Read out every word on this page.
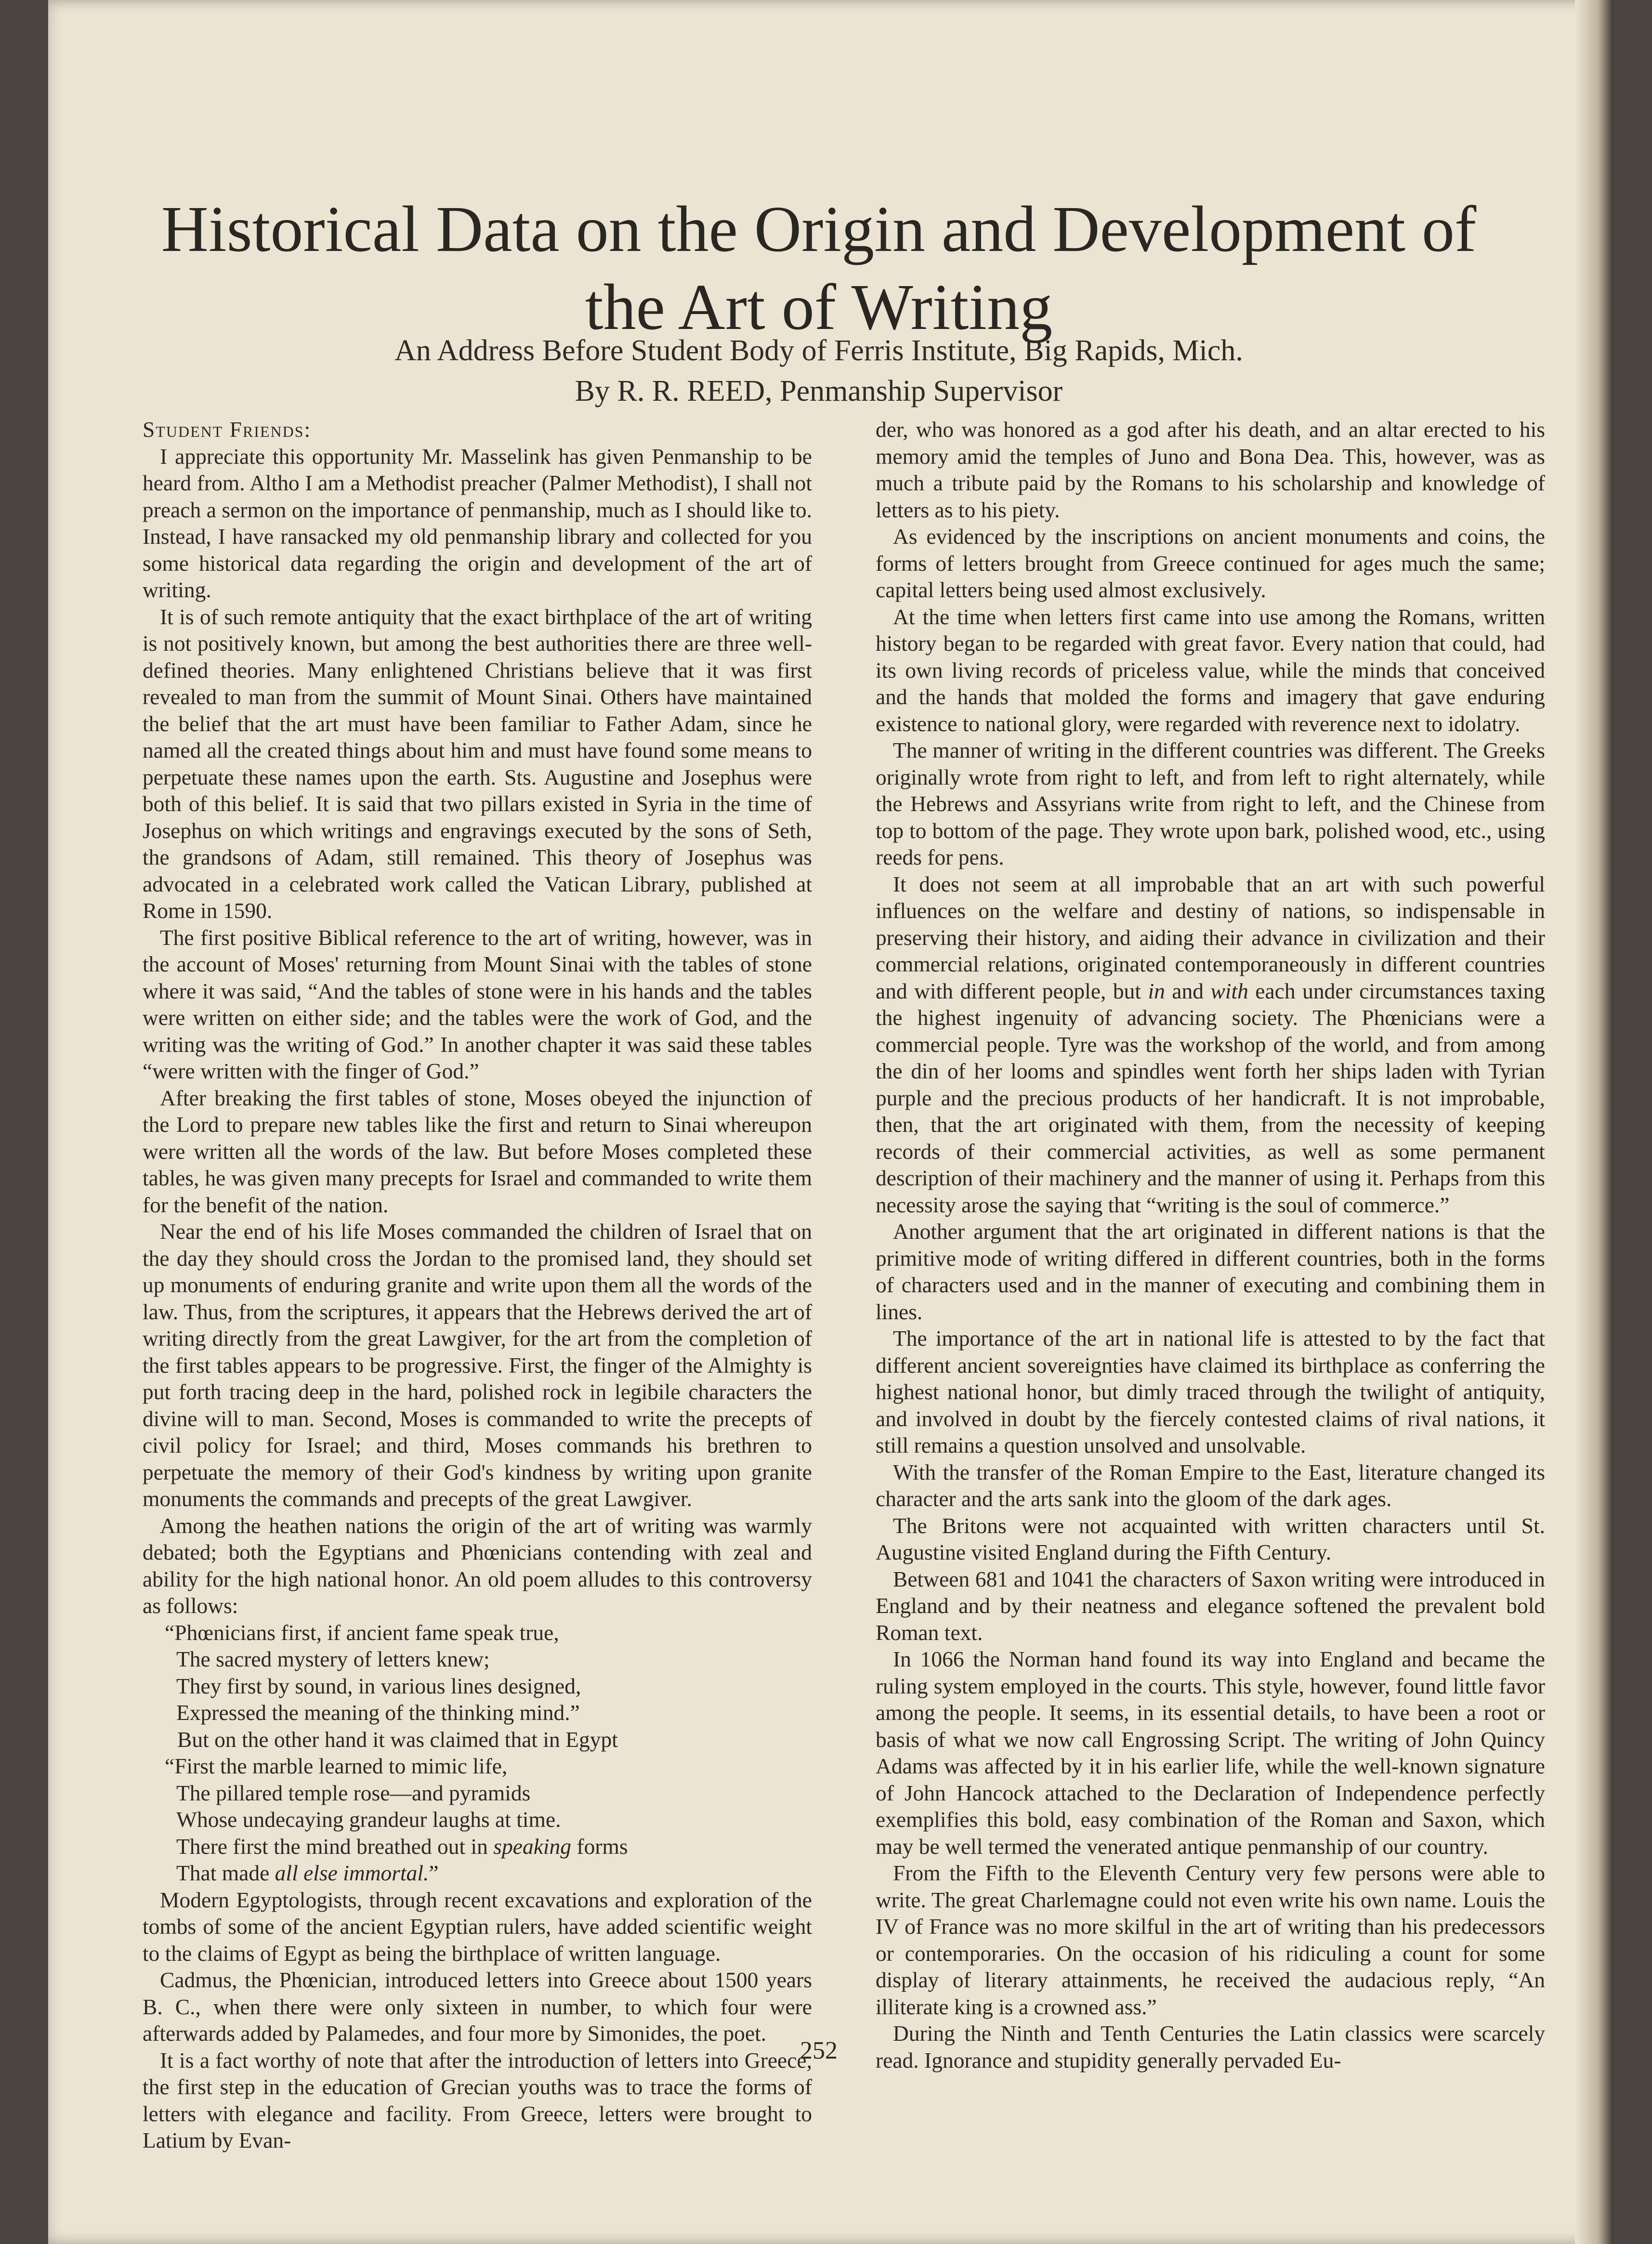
Historical Data on the Origin and Development of
the Art of Writing

An Address Before Student Body of Ferris Institute, Big Rapids, Mich.

By R. R. REED, Penmanship Supervisor

Student Friends:

I appreciate this opportunity Mr. Masselink has given Penmanship to be heard from. Altho I am a Methodist preacher (Palmer Methodist), I shall not preach a sermon on the importance of penmanship, much as I should like to. Instead, I have ransacked my old penmanship library and collected for you some historical data regarding the origin and development of the art of writing.

It is of such remote antiquity that the exact birthplace of the art of writing is not positively known, but among the best authorities there are three well-defined theories. Many enlightened Christians believe that it was first revealed to man from the summit of Mount Sinai. Others have maintained the belief that the art must have been familiar to Father Adam, since he named all the created things about him and must have found some means to perpetuate these names upon the earth. Sts. Augustine and Josephus were both of this belief. It is said that two pillars existed in Syria in the time of Josephus on which writings and engravings executed by the sons of Seth, the grandsons of Adam, still remained. This theory of Josephus was advocated in a celebrated work called the Vatican Library, published at Rome in 1590.

The first positive Biblical reference to the art of writing, however, was in the account of Moses' returning from Mount Sinai with the tables of stone where it was said, “And the tables of stone were in his hands and the tables were written on either side; and the tables were the work of God, and the writing was the writing of God.” In another chapter it was said these tables “were written with the finger of God.”

After breaking the first tables of stone, Moses obeyed the injunction of the Lord to prepare new tables like the first and return to Sinai whereupon were written all the words of the law. But before Moses completed these tables, he was given many precepts for Israel and commanded to write them for the benefit of the nation.

Near the end of his life Moses commanded the children of Israel that on the day they should cross the Jordan to the promised land, they should set up monuments of enduring granite and write upon them all the words of the law. Thus, from the scriptures, it appears that the Hebrews derived the art of writing directly from the great Lawgiver, for the art from the completion of the first tables appears to be progressive. First, the finger of the Almighty is put forth tracing deep in the hard, polished rock in legibile characters the divine will to man. Second, Moses is commanded to write the precepts of civil policy for Israel; and third, Moses commands his brethren to perpetuate the memory of their God's kindness by writing upon granite monuments the commands and precepts of the great Lawgiver.

Among the heathen nations the origin of the art of writing was warmly debated; both the Egyptians and Phœnicians contending with zeal and ability for the high national honor. An old poem alludes to this controversy as follows:

“Phœnicians first, if ancient fame speak true,
The sacred mystery of letters knew;
They first by sound, in various lines designed,
Expressed the meaning of the thinking mind.”

But on the other hand it was claimed that in Egypt

“First the marble learned to mimic life,
The pillared temple rose—and pyramids
Whose undecaying grandeur laughs at time.
There first the mind breathed out in speaking forms
That made all else immortal.”

Modern Egyptologists, through recent excavations and exploration of the tombs of some of the ancient Egyptian rulers, have added scientific weight to the claims of Egypt as being the birthplace of written language.

Cadmus, the Phœnician, introduced letters into Greece about 1500 years B. C., when there were only sixteen in number, to which four were afterwards added by Palamedes, and four more by Simonides, the poet.

It is a fact worthy of note that after the introduction of letters into Greece, the first step in the education of Grecian youths was to trace the forms of letters with elegance and facility. From Greece, letters were brought to Latium by Evan-

der, who was honored as a god after his death, and an altar erected to his memory amid the temples of Juno and Bona Dea. This, however, was as much a tribute paid by the Romans to his scholarship and knowledge of letters as to his piety.

As evidenced by the inscriptions on ancient monuments and coins, the forms of letters brought from Greece continued for ages much the same; capital letters being used almost exclusively.

At the time when letters first came into use among the Romans, written history began to be regarded with great favor. Every nation that could, had its own living records of priceless value, while the minds that conceived and the hands that molded the forms and imagery that gave enduring existence to national glory, were regarded with reverence next to idolatry.

The manner of writing in the different countries was different. The Greeks originally wrote from right to left, and from left to right alternately, while the Hebrews and Assyrians write from right to left, and the Chinese from top to bottom of the page. They wrote upon bark, polished wood, etc., using reeds for pens.

It does not seem at all improbable that an art with such powerful influences on the welfare and destiny of nations, so indispensable in preserving their history, and aiding their advance in civilization and their commercial relations, originated contemporaneously in different countries and with different people, but in and with each under circumstances taxing the highest ingenuity of advancing society. The Phœnicians were a commercial people. Tyre was the workshop of the world, and from among the din of her looms and spindles went forth her ships laden with Tyrian purple and the precious products of her handicraft. It is not improbable, then, that the art originated with them, from the necessity of keeping records of their commercial activities, as well as some permanent description of their machinery and the manner of using it. Perhaps from this necessity arose the saying that “writing is the soul of commerce.”

Another argument that the art originated in different nations is that the primitive mode of writing differed in different countries, both in the forms of characters used and in the manner of executing and combining them in lines.

The importance of the art in national life is attested to by the fact that different ancient sovereignties have claimed its birthplace as conferring the highest national honor, but dimly traced through the twilight of antiquity, and involved in doubt by the fiercely contested claims of rival nations, it still remains a question unsolved and unsolvable.

With the transfer of the Roman Empire to the East, literature changed its character and the arts sank into the gloom of the dark ages.

The Britons were not acquainted with written characters until St. Augustine visited England during the Fifth Century.

Between 681 and 1041 the characters of Saxon writing were introduced in England and by their neatness and elegance softened the prevalent bold Roman text.

In 1066 the Norman hand found its way into England and became the ruling system employed in the courts. This style, however, found little favor among the people. It seems, in its essential details, to have been a root or basis of what we now call Engrossing Script. The writing of John Quincy Adams was affected by it in his earlier life, while the well-known signature of John Hancock attached to the Declaration of Independence perfectly exemplifies this bold, easy combination of the Roman and Saxon, which may be well termed the venerated antique penmanship of our country.

From the Fifth to the Eleventh Century very few persons were able to write. The great Charlemagne could not even write his own name. Louis the IV of France was no more skilful in the art of writing than his predecessors or contemporaries. On the occasion of his ridiculing a count for some display of literary attainments, he received the audacious reply, “An illiterate king is a crowned ass.”

During the Ninth and Tenth Centuries the Latin classics were scarcely read. Ignorance and stupidity generally pervaded Eu-

252
